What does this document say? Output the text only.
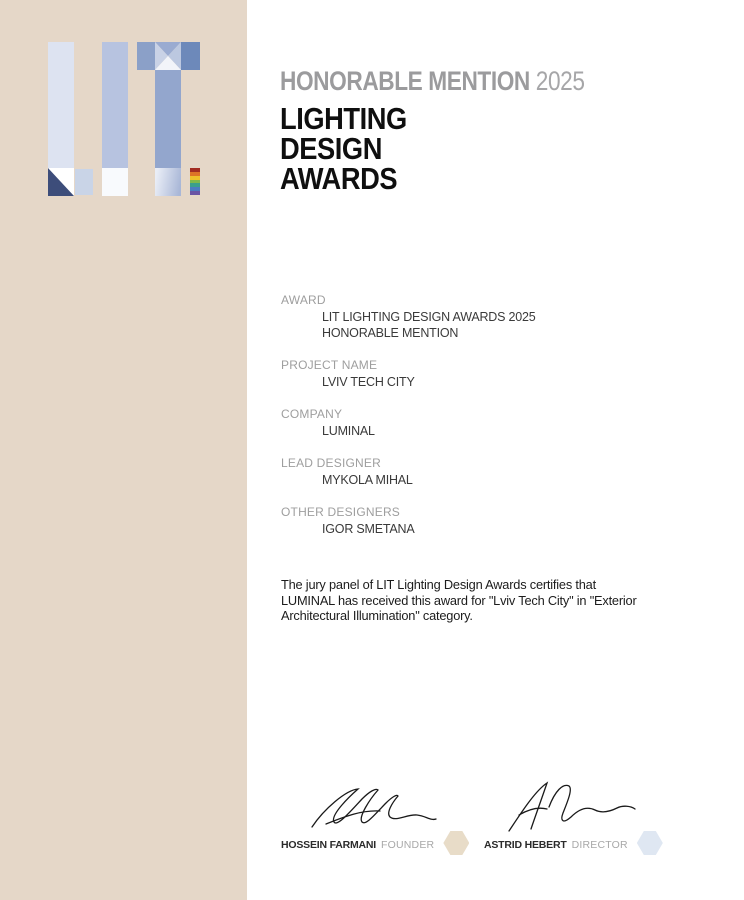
HONORABLE MENTION 2025
LIGHTING
DESIGN
AWARDS
AWARD
LIT LIGHTING DESIGN AWARDS 2025
HONORABLE MENTION
PROJECT NAME
LVIV TECH CITY
COMPANY
LUMINAL
LEAD DESIGNER
MYKOLA MIHAL
OTHER DESIGNERS
IGOR SMETANA
The jury panel of LIT Lighting Design Awards certifies that
LUMINAL has received this award for "Lviv Tech City" in "Exterior
Architectural Illumination" category.
HOSSEIN FARMANI FOUNDER	ASTRID HEBERT DIRECTOR
